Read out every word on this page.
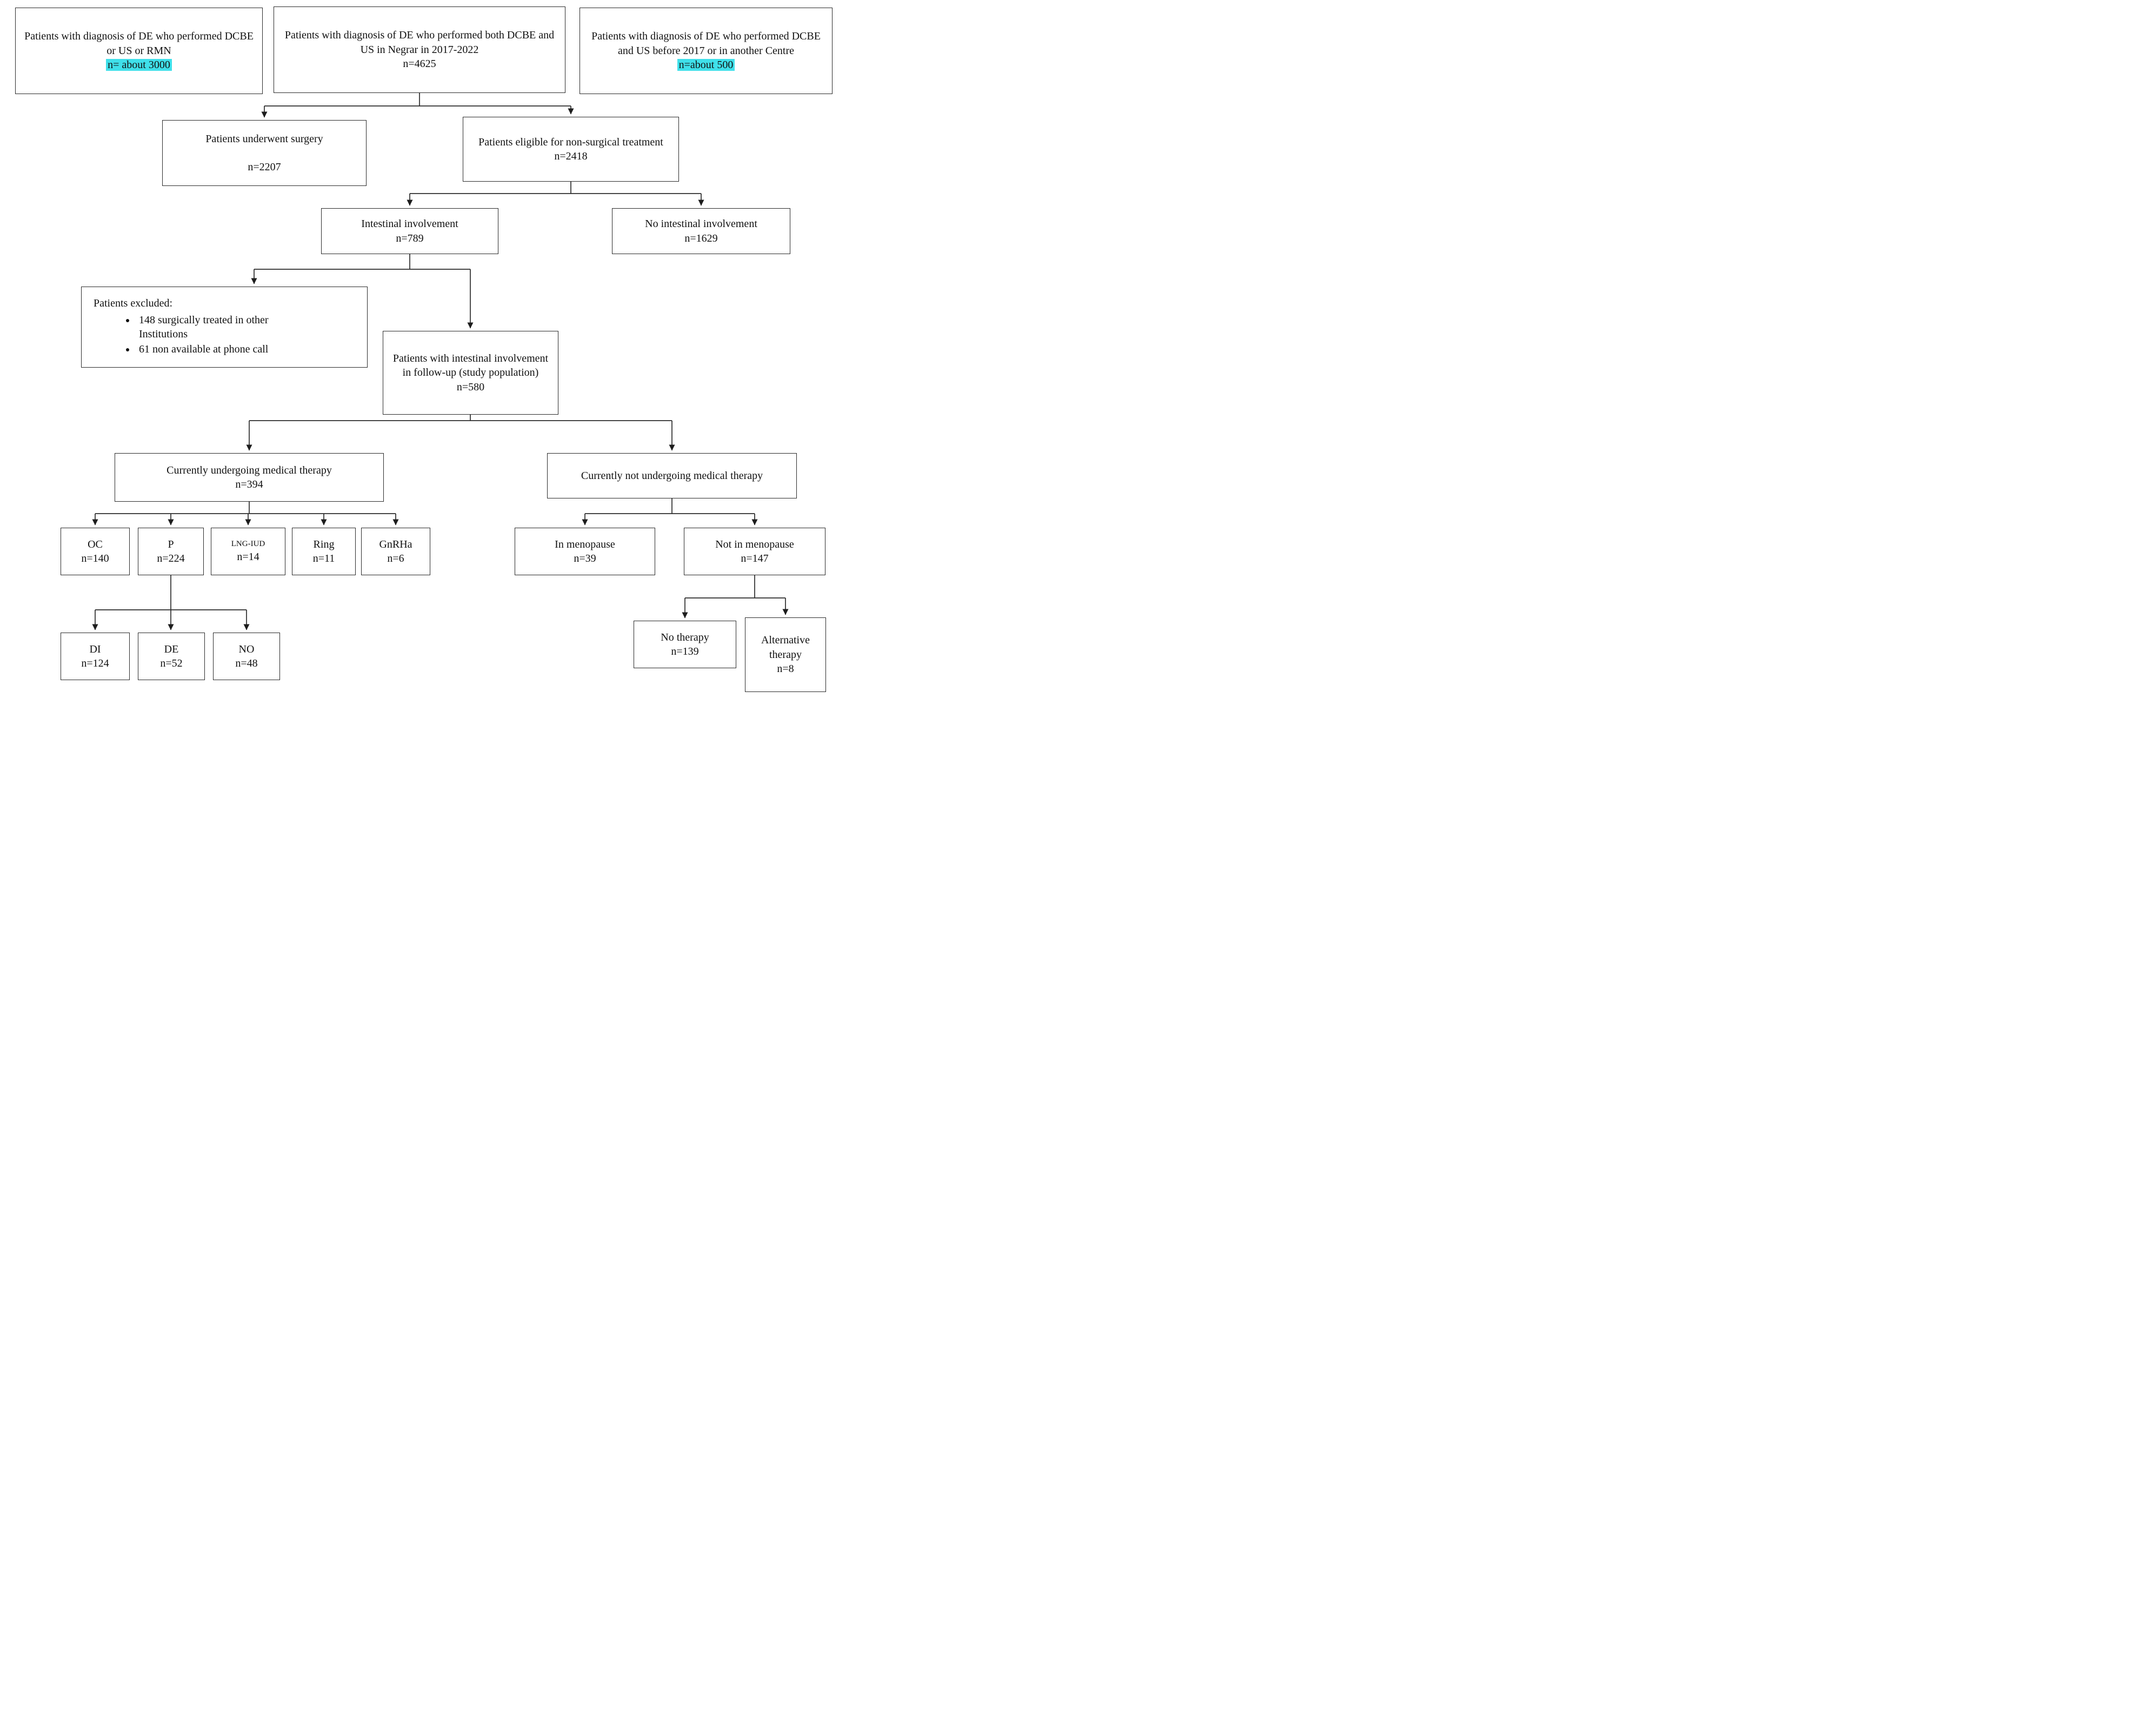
Patients with diagnosis of DE who performed DCBE or US or RMN
n= about 3000
Patients with diagnosis of DE who performed both DCBE and US in Negrar in 2017-2022
n=4625
Patients with diagnosis of DE who performed DCBE and US before 2017 or in another Centre
n=about 500
Patients underwent surgery
n=2207
Patients eligible for non-surgical treatment
n=2418
Intestinal involvement
n=789
No intestinal involvement
n=1629
Patients excluded:
• 148 surgically treated in other Institutions
• 61 non available at phone call
Patients with intestinal involvement in follow-up (study population)
n=580
Currently undergoing medical therapy
n=394
Currently not undergoing medical therapy
OC
n=140
P
n=224
LNG-IUD
n=14
Ring
n=11
GnRHa
n=6
In menopause
n=39
Not in menopause
n=147
DI
n=124
DE
n=52
NO
n=48
No therapy
n=139
Alternative therapy
n=8
